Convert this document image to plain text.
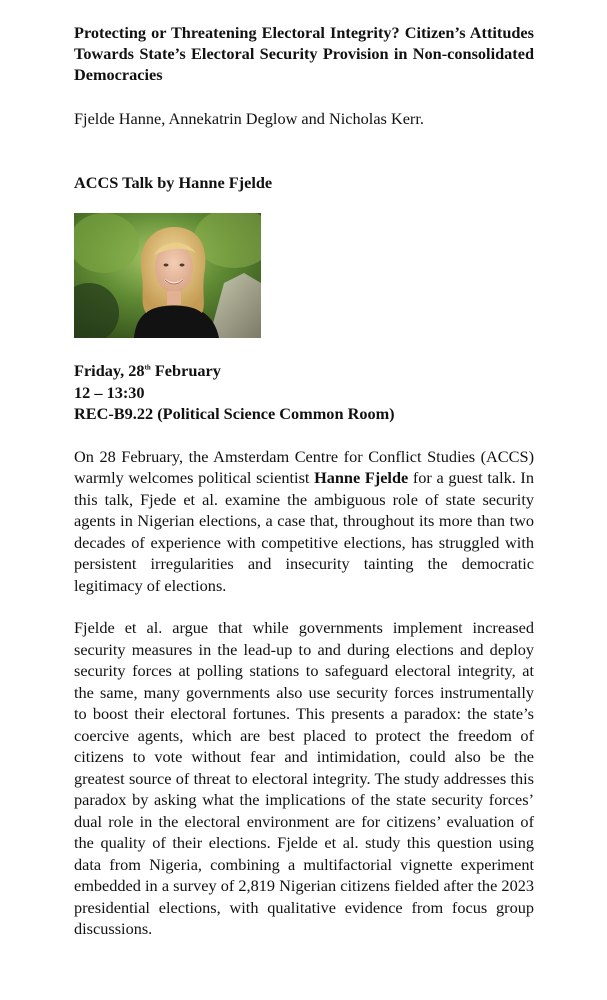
Protecting or Threatening Electoral Integrity? Citizen’s Attitudes Towards State’s Electoral Security Provision in Non-consolidated Democracies

Fjelde Hanne, Annekatrin Deglow and Nicholas Kerr.

ACCS Talk by Hanne Fjelde

Friday, 28th February
12 – 13:30
REC-B9.22 (Political Science Common Room)

On 28 February, the Amsterdam Centre for Conflict Studies (ACCS) warmly welcomes political scientist Hanne Fjelde for a guest talk. In this talk, Fjede et al. examine the ambiguous role of state security agents in Nigerian elections, a case that, throughout its more than two decades of experience with competitive elections, has struggled with persistent irregularities and insecurity tainting the democratic legitimacy of elections.

Fjelde et al. argue that while governments implement increased security measures in the lead-up to and during elections and deploy security forces at polling stations to safeguard electoral integrity, at the same, many governments also use security forces instrumentally to boost their electoral fortunes. This presents a paradox: the state’s coercive agents, which are best placed to protect the freedom of citizens to vote without fear and intimidation, could also be the greatest source of threat to electoral integrity. The study addresses this paradox by asking what the implications of the state security forces’ dual role in the electoral environment are for citizens’ evaluation of the quality of their elections. Fjelde et al. study this question using data from Nigeria, combining a multifactorial vignette experiment embedded in a survey of 2,819 Nigerian citizens fielded after the 2023 presidential elections, with qualitative evidence from focus group discussions.
